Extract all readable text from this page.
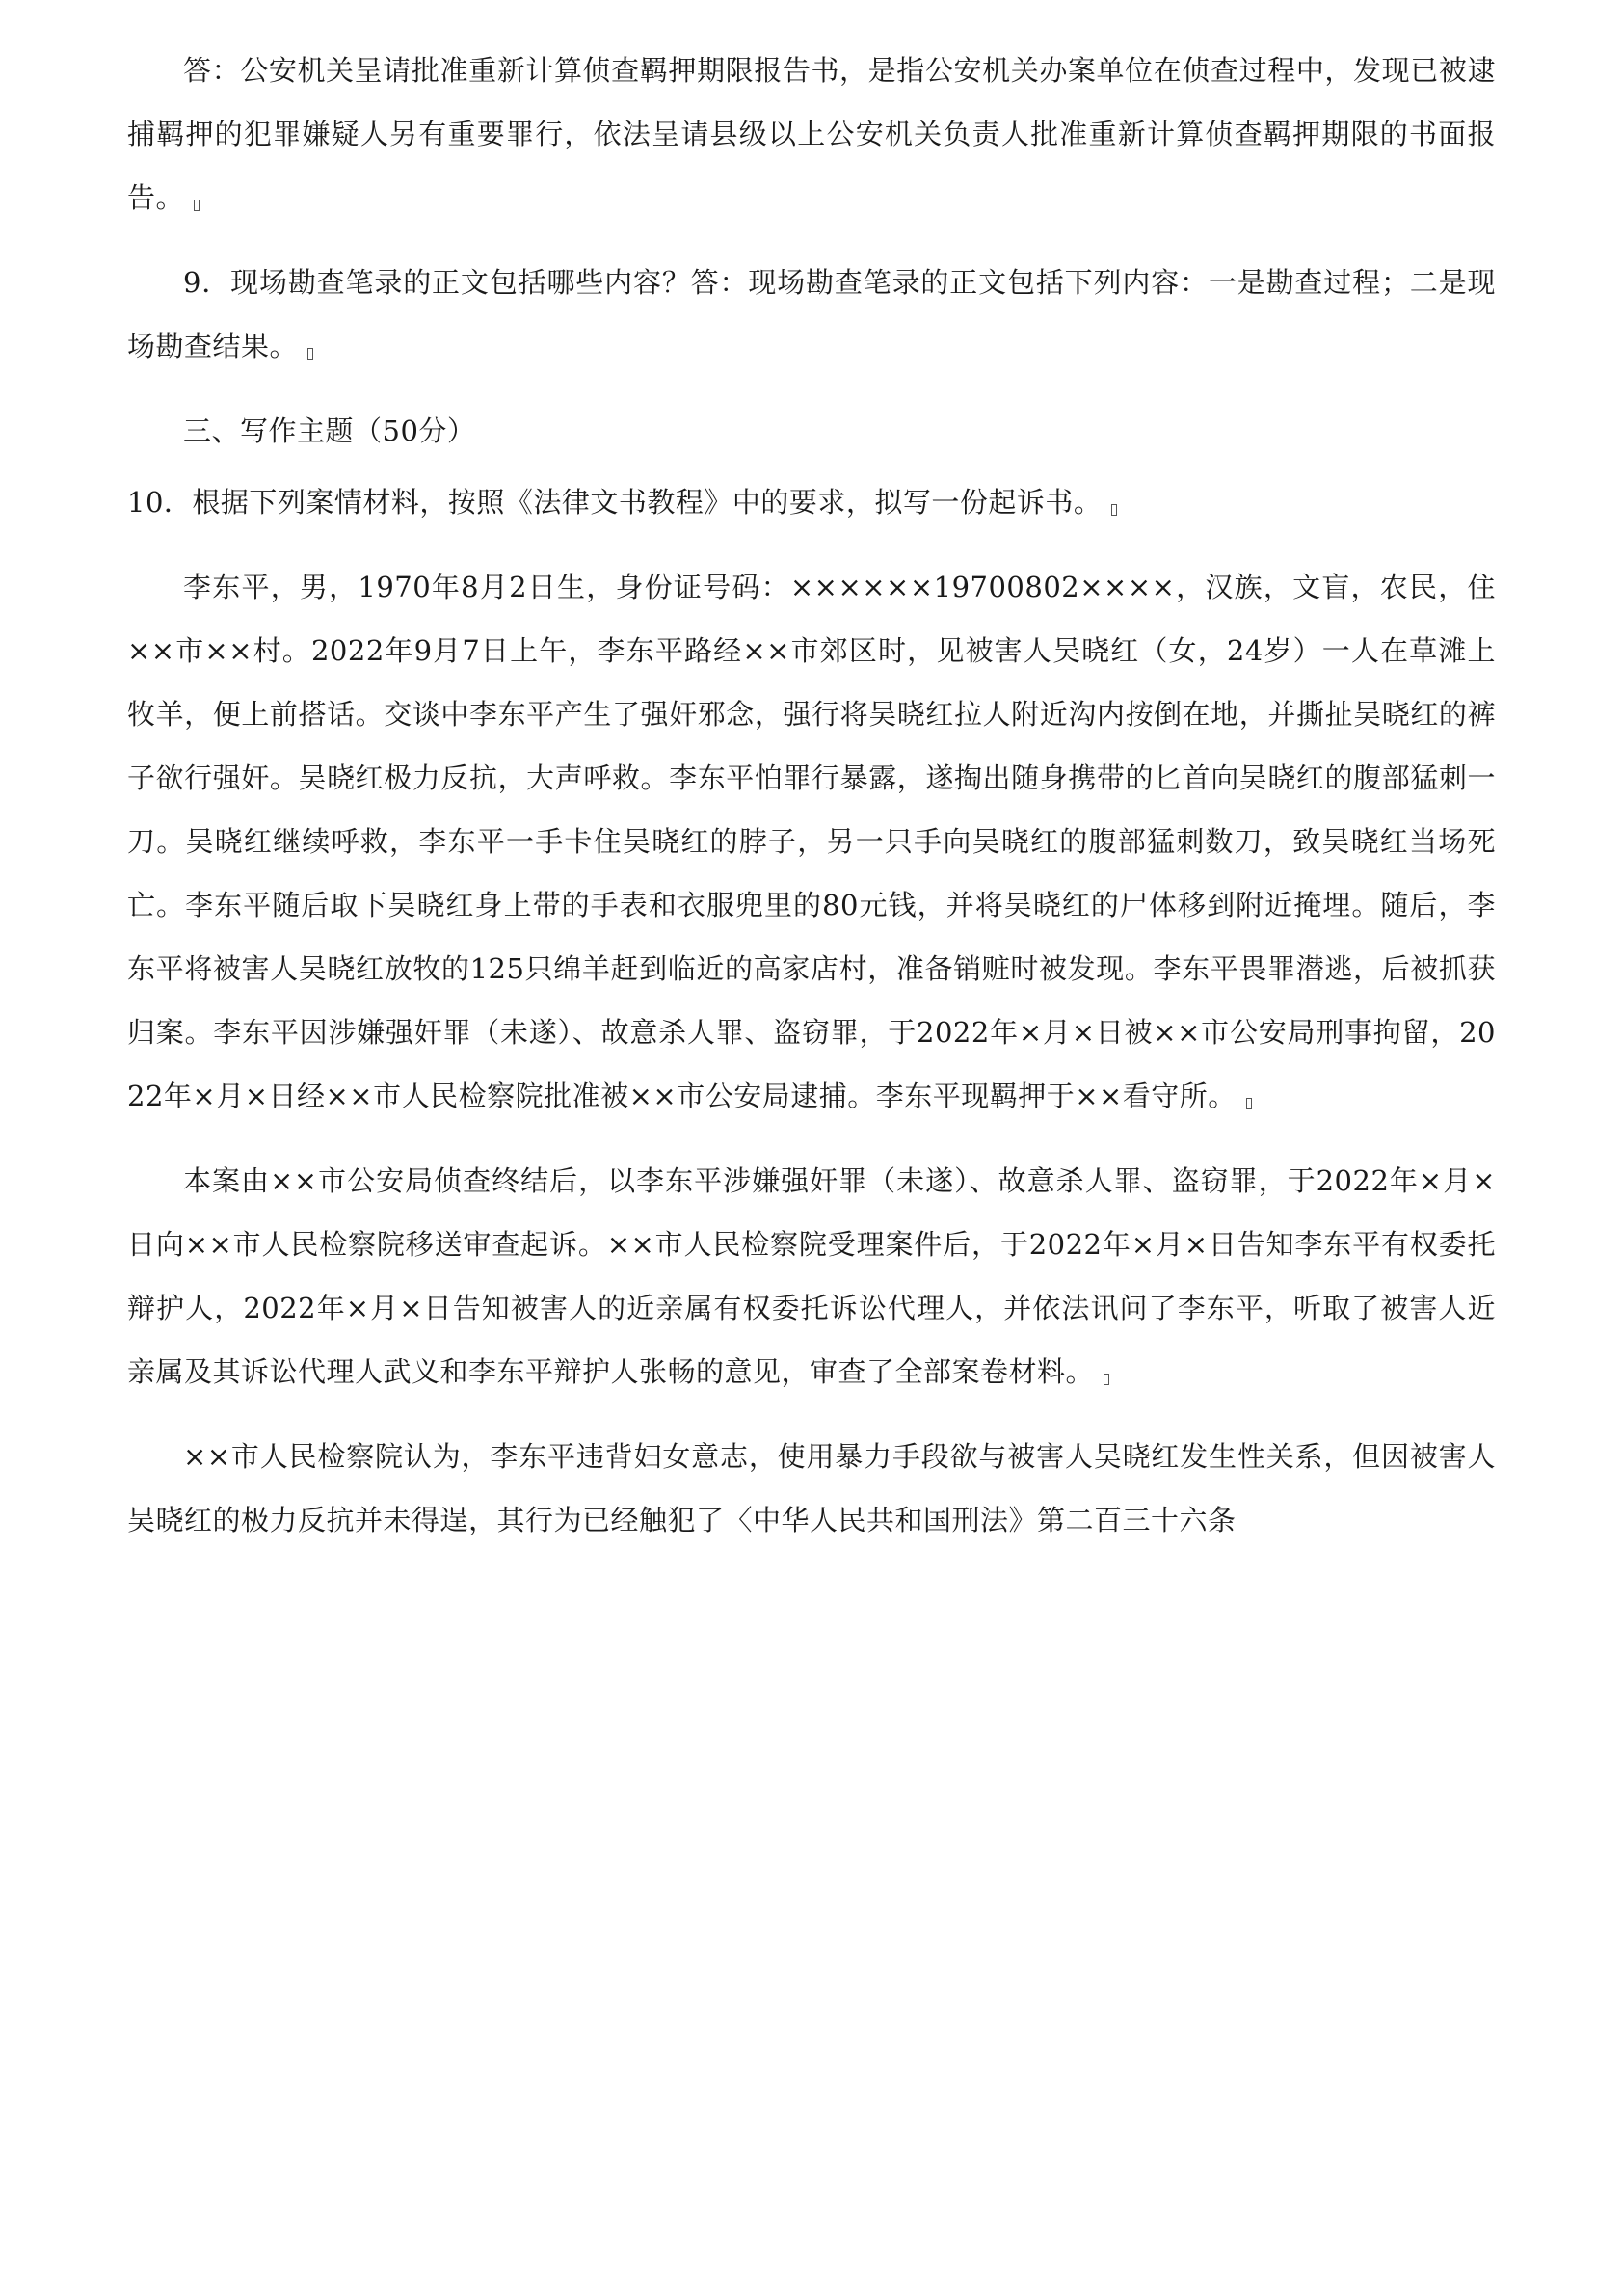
答：公安机关呈请批准重新计算侦查羁押期限报告书，是指公安机关办案单位在侦查过程中，发现已被逮捕羁押的犯罪嫌疑人另有重要罪行，依法呈请县级以上公安机关负责人批准重新计算侦查羁押期限的书面报告。

9．现场勘查笔录的正文包括哪些内容？答：现场勘查笔录的正文包括下列内容：一是勘查过程；二是现场勘查结果。

三、写作主题（50分）

10．根据下列案情材料，按照《法律文书教程》中的要求，拟写一份起诉书。

李东平，男，1970年8月2日生，身份证号码：××××××19700802××××，汉族，文盲，农民，住××市××村。2022年9月7日上午，李东平路经××市郊区时，见被害人吴晓红（女，24岁）一人在草滩上牧羊，便上前搭话。交谈中李东平产生了强奸邪念，强行将吴晓红拉人附近沟内按倒在地，并撕扯吴晓红的裤子欲行强奸。吴晓红极力反抗，大声呼救。李东平怕罪行暴露，遂掏出随身携带的匕首向吴晓红的腹部猛刺一刀。吴晓红继续呼救，李东平一手卡住吴晓红的脖子，另一只手向吴晓红的腹部猛刺数刀，致吴晓红当场死亡。李东平随后取下吴晓红身上带的手表和衣服兜里的80元钱，并将吴晓红的尸体移到附近掩埋。随后，李东平将被害人吴晓红放牧的125只绵羊赶到临近的高家店村，准备销赃时被发现。李东平畏罪潜逃，后被抓获归案。李东平因涉嫌强奸罪（未遂）、故意杀人罪、盗窃罪，于2022年×月×日被××市公安局刑事拘留，2022年×月×日经××市人民检察院批准被××市公安局逮捕。李东平现羁押于××看守所。

本案由××市公安局侦查终结后，以李东平涉嫌强奸罪（未遂）、故意杀人罪、盗窃罪，于2022年×月×日向××市人民检察院移送审查起诉。××市人民检察院受理案件后，于2022年×月×日告知李东平有权委托辩护人，2022年×月×日告知被害人的近亲属有权委托诉讼代理人，并依法讯问了李东平，听取了被害人近亲属及其诉讼代理人武义和李东平辩护人张畅的意见，审查了全部案卷材料。

××市人民检察院认为，李东平违背妇女意志，使用暴力手段欲与被害人吴晓红发生性关系，但因被害人吴晓红的极力反抗并未得逞，其行为已经触犯了〈中华人民共和国刑法》第二百三十六条
